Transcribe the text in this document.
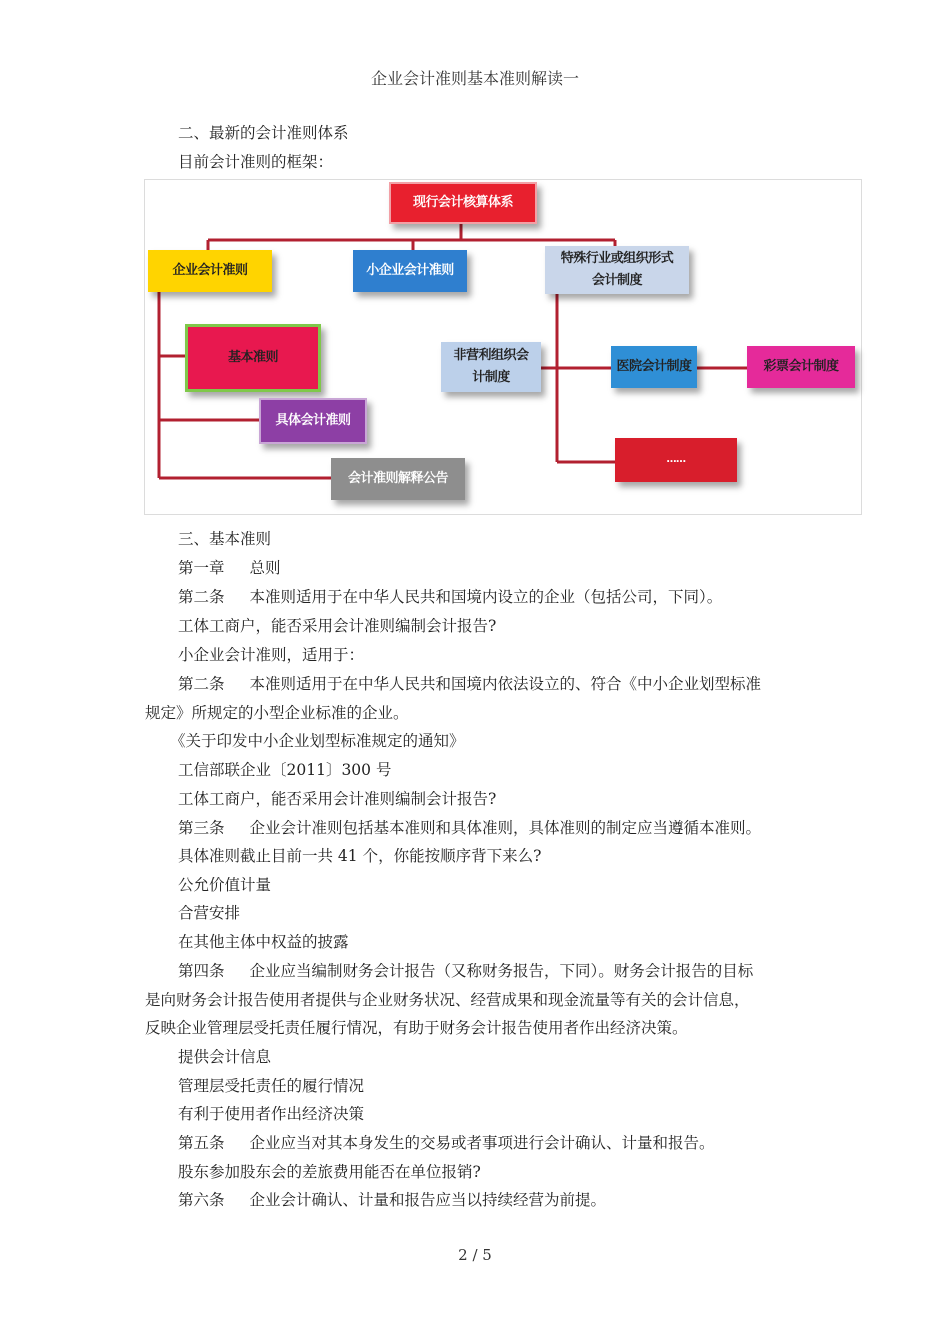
企业会计准则基本准则解读一
二、最新的会计准则体系
目前会计准则的框架：
现行会计核算体系
企业会计准则	小企业会计准则
特殊行业或组织形式
会计制度
基本准则
具体会计准则
会计准则解释公告
非营利组织会
计制度
医院会计制度	彩票会计制度
……
三、基本准则
第一章 总则
第二条 本准则适用于在中华人民共和国境内设立的企业（包括公司，下同）。
工体工商户，能否采用会计准则编制会计报告?
小企业会计准则，适用于：
第二条 本准则适用于在中华人民共和国境内依法设立的、符合《中小企业划型标准
规定》所规定的小型企业标准的企业。
《关于印发中小企业划型标准规定的通知》
工信部联企业〔2011〕300 号
工体工商户，能否采用会计准则编制会计报告?
第三条 企业会计准则包括基本准则和具体准则，具体准则的制定应当遵循本准则。
具体准则截止目前一共 41 个，你能按顺序背下来么?
公允价值计量
合营安排
在其他主体中权益的披露
第四条 企业应当编制财务会计报告（又称财务报告，下同）。财务会计报告的目标
是向财务会计报告使用者提供与企业财务状况、经营成果和现金流量等有关的会计信息，
反映企业管理层受托责任履行情况，有助于财务会计报告使用者作出经济决策。
提供会计信息
管理层受托责任的履行情况
有利于使用者作出经济决策
第五条 企业应当对其本身发生的交易或者事项进行会计确认、计量和报告。
股东参加股东会的差旅费用能否在单位报销?
第六条 企业会计确认、计量和报告应当以持续经营为前提。
2 / 5
